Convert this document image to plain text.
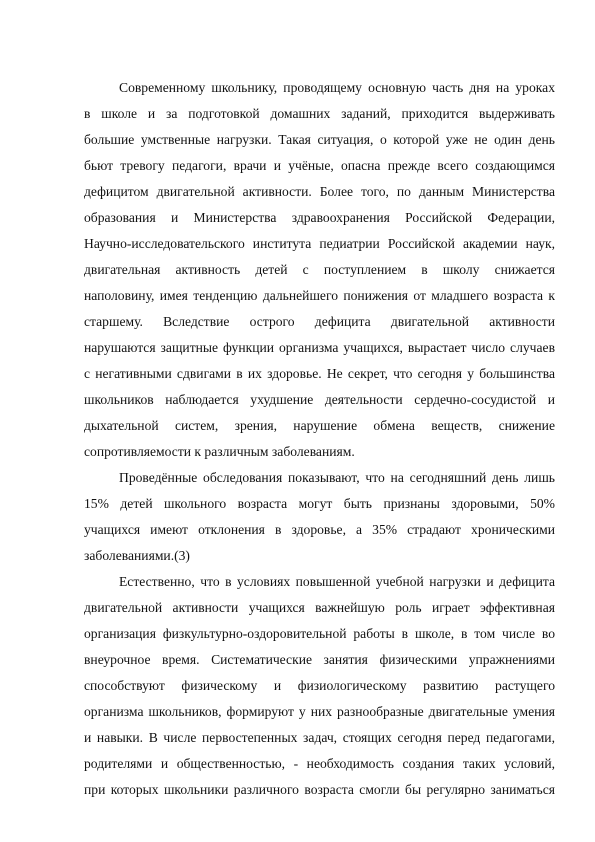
Современному школьнику, проводящему основную часть дня на уроках
в школе и за подготовкой домашних заданий, приходится выдерживать
большие умственные нагрузки. Такая ситуация, о которой уже не один день
бьют тревогу педагоги, врачи и учёные, опасна прежде всего создающимся
дефицитом двигательной активности. Более того, по данным Министерства
образования и Министерства здравоохранения Российской Федерации,
Научно-исследовательского института педиатрии Российской академии наук,
двигательная активность детей с поступлением в школу снижается
наполовину, имея тенденцию дальнейшего понижения от младшего возраста к
старшему. Вследствие острого дефицита двигательной активности
нарушаются защитные функции организма учащихся, вырастает число случаев
с негативными сдвигами в их здоровье. Не секрет, что сегодня у большинства
школьников наблюдается ухудшение деятельности сердечно-сосудистой и
дыхательной систем, зрения, нарушение обмена веществ, снижение
сопротивляемости к различным заболеваниям.
Проведённые обследования показывают, что на сегодняшний день лишь
15% детей школьного возраста могут быть признаны здоровыми, 50%
учащихся имеют отклонения в здоровье, а 35% страдают хроническими
заболеваниями.(3)
Естественно, что в условиях повышенной учебной нагрузки и дефицита
двигательной активности учащихся важнейшую роль играет эффективная
организация физкультурно-оздоровительной работы в школе, в том числе во
внеурочное время. Систематические занятия физическими упражнениями
способствуют физическому и физиологическому развитию растущего
организма школьников, формируют у них разнообразные двигательные умения
и навыки. В числе первостепенных задач, стоящих сегодня перед педагогами,
родителями и общественностью, - необходимость создания таких условий,
при которых школьники различного возраста смогли бы регулярно заниматься
